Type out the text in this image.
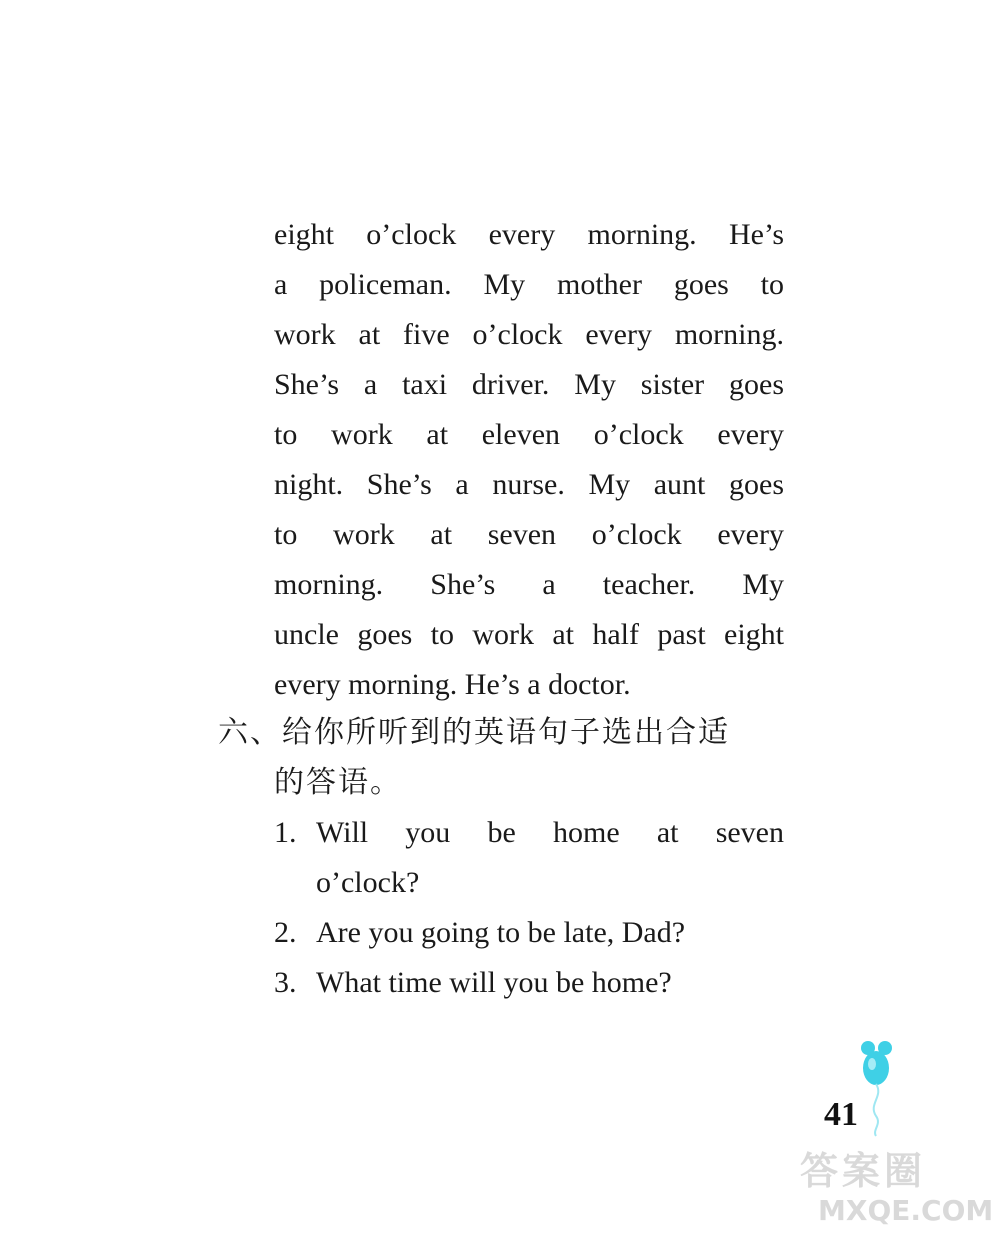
eight o’clock every morning. He’s
a policeman. My mother goes to
work at five o’clock every morning.
She’s a taxi driver. My sister goes
to work at eleven o’clock every
night. She’s a nurse. My aunt goes
to work at seven o’clock every
morning. She’s a teacher. My
uncle goes to work at half past eight
every morning. He’s a doctor.
六、给你所听到的英语句子选出合适
的答语。
1. Will you be home at seven
o’clock?
2. Are you going to be late, Dad?
3. What time will you be home?
41
答案圈
MXQE.COM
